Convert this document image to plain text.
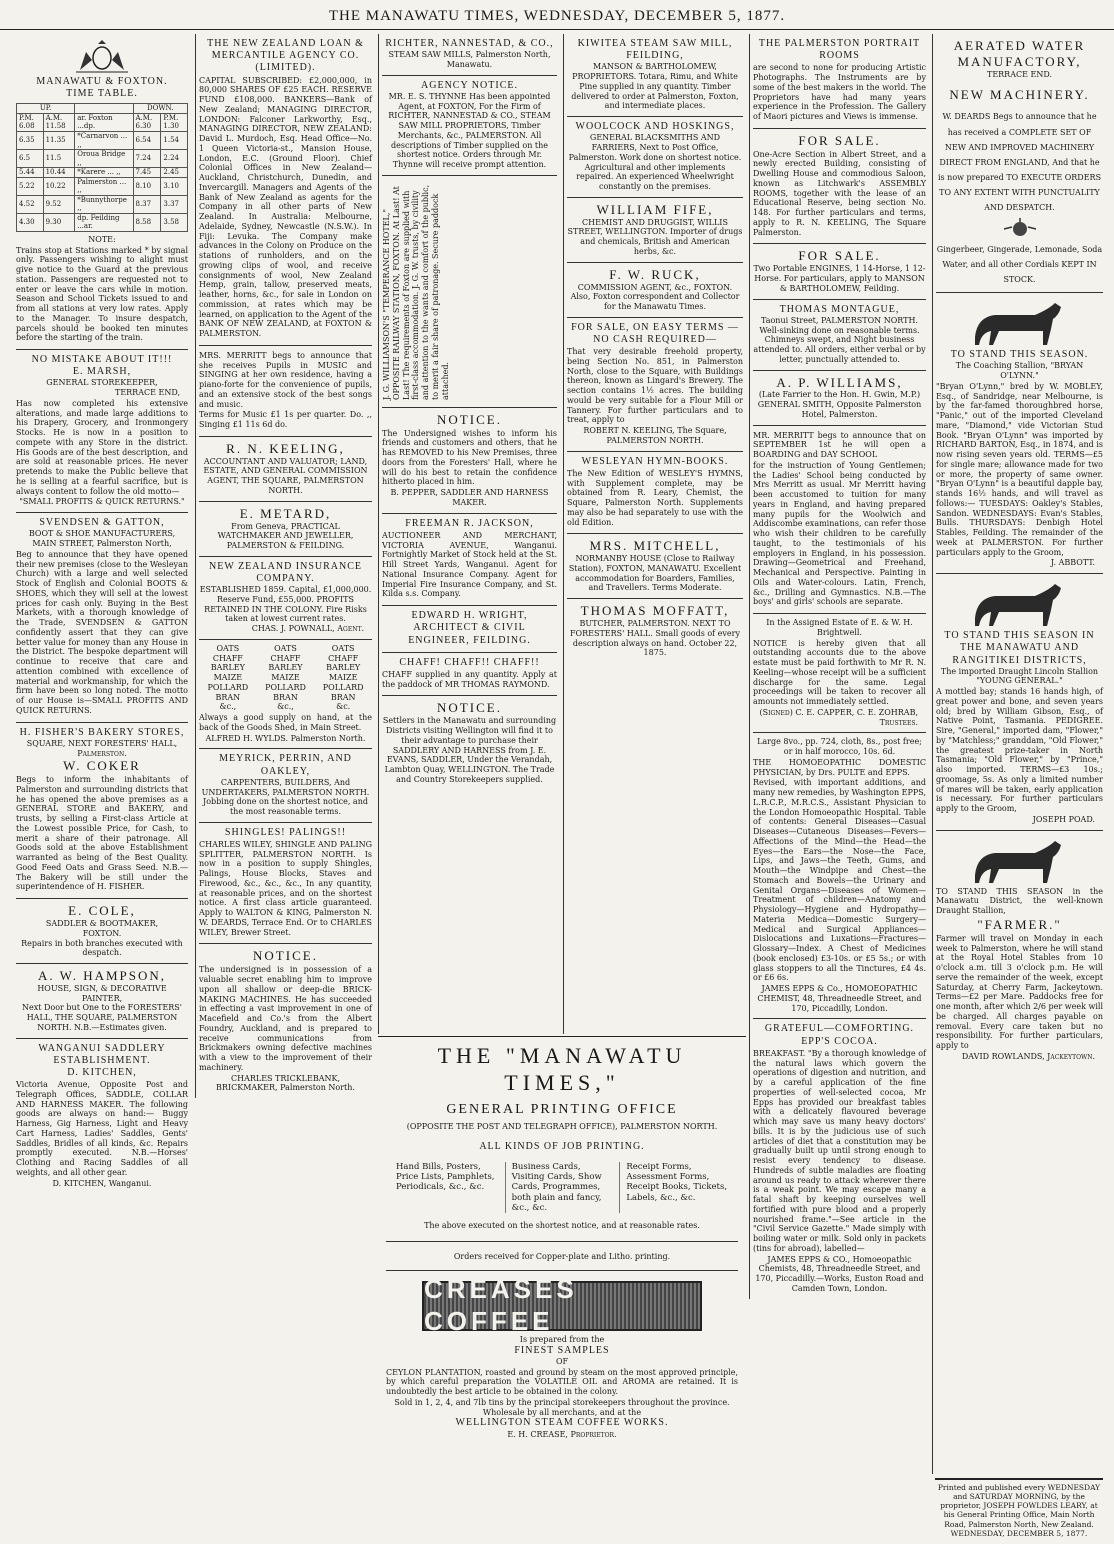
THE MANAWATU TIMES, WEDNESDAY, DECEMBER 5, 1877.
MANAWATU & FOXTON.
TIME TABLE.
UP.			DOWN.	
P.M. 6.08	A.M. 11.58	ar. Foxton ...dp.	A.M. 6.30	P.M. 1.30
6.35	11.35	*Carnarvon ... ,,	6.54	1.54
6.5	11.5	Oroua Bridge ,,	7.24	2.24
5.44	10.44	*Karere ... ,,	7.45	2.45
5.22	10.22	Palmerston ... ,,	8.10	3.10
4.52	9.52	*Bunnythorpe ,,	8.37	3.37
4.30	9.30	dp. Feilding ...ar.	8.58	3.58
NOTE:

Trains stop at Stations marked * by signal only. Passengers wishing to alight must give notice to the Guard at the previous station. Passengers are requested not to enter or leave the cars while in motion. Season and School Tickets issued to and from all stations at very low rates. Apply to the Manager. To insure despatch, parcels should be booked ten minutes before the starting of the train.

NO MISTAKE ABOUT IT!!!
E. MARSH,
GENERAL STOREKEEPER,
TERRACE END,

Has now completed his extensive alterations, and made large additions to his Drapery, Grocery, and Ironmongery Stocks. He is now in a position to compete with any Store in the district. His Goods are of the best description, and are sold at reasonable prices. He never pretends to make the Public believe that he is selling at a fearful sacrifice, but is always content to follow the old motto—

"SMALL PROFITS & QUICK RETURNS."
SVENDSEN & GATTON,
BOOT & SHOE MANUFACTURERS,
MAIN STREET, Palmerston North,

Beg to announce that they have opened their new premises (close to the Wesleyan Church) with a large and well selected Stock of English and Colonial BOOTS & SHOES, which they will sell at the lowest prices for cash only. Buying in the Best Markets, with a thorough knowledge of the Trade, SVENDSEN & GATTON confidently assert that they can give better value for money than any House in the District. The bespoke department will continue to receive that care and attention combined with excellence of material and workmanship, for which the firm have been so long noted. The motto of our House is—SMALL PROFITS AND QUICK RETURNS.

H. FISHER'S BAKERY STORES,
SQUARE, NEXT FORESTERS' HALL, Palmerston.
W. COKER

Begs to inform the inhabitants of Palmerston and surrounding districts that he has opened the above premises as a GENERAL STORE and BAKERY, and trusts, by selling a First-class Article at the Lowest possible Price, for Cash, to merit a share of their patronage. All Goods sold at the above Establishment warranted as being of the Best Quality. Good Feed Oats and Grass Seed. N.B.—The Bakery will be still under the superintendence of H. FISHER.

E. COLE,
SADDLER & BOOTMAKER,
FOXTON.
Repairs in both branches executed with despatch.
A. W. HAMPSON,
HOUSE, SIGN, & DECORATIVE PAINTER,
Next Door but One to the FORESTERS' HALL, THE SQUARE, PALMERSTON NORTH. N.B.—Estimates given.
WANGANUI SADDLERY ESTABLISHMENT.
D. KITCHEN,

Victoria Avenue, Opposite Post and Telegraph Offices, SADDLE, COLLAR AND HARNESS MAKER. The following goods are always on hand:— Buggy Harness, Gig Harness, Light and Heavy Cart Harness, Ladies' Saddles, Gents' Saddles, Bridles of all kinds, &c. Repairs promptly executed. N.B.—Horses' Clothing and Racing Saddles of all weights, and all other gear.

D. KITCHEN, Wanganui.
THE NEW ZEALAND LOAN & MERCANTILE AGENCY CO. (LIMITED).

CAPITAL SUBSCRIBED: £2,000,000, in 80,000 SHARES OF £25 EACH. RESERVE FUND £108,000. BANKERS—Bank of New Zealand; MANAGING DIRECTOR, LONDON: Falconer Larkworthy, Esq., MANAGING DIRECTOR, NEW ZEALAND: David L. Murdoch, Esq. Head Office—No. 1 Queen Victoria-st., Mansion House, London, E.C. (Ground Floor). Chief Colonial Offices in New Zealand—Auckland, Christchurch, Dunedin, and Invercargill. Managers and Agents of the Bank of New Zealand as agents for the Company in all other parts of New Zealand. In Australia: Melbourne, Adelaide, Sydney, Newcastle (N.S.W.). In Fiji: Levuka. The Company make advances in the Colony on Produce on the stations of runholders, and on the growing clips of wool, and receive consignments of wool, New Zealand Hemp, grain, tallow, preserved meats, leather, horns, &c., for sale in London on commission, at rates which may be learned, on application to the Agent of the BANK OF NEW ZEALAND, at FOXTON & PALMERSTON.

MRS. MERRITT begs to announce that she receives Pupils in MUSIC and SINGING at her own residence, having a piano-forte for the convenience of pupils, and an extensive stock of the best songs and music.

Terms for Music £1 1s per quarter. Do. ,, Singing £1 11s 6d do.

R. N. KEELING,
ACCOUNTANT AND VALUATOR; LAND, ESTATE, AND GENERAL COMMISSION AGENT, THE SQUARE, PALMERSTON NORTH.
E. METARD,
From Geneva, PRACTICAL WATCHMAKER AND JEWELLER, PALMERSTON & FEILDING.
NEW ZEALAND INSURANCE COMPANY.
ESTABLISHED 1859. Capital, £1,000,000. Reserve Fund, £55,000. PROFITS RETAINED IN THE COLONY. Fire Risks taken at lowest current rates.
CHAS. J. POWNALL, Agent.
OATS	OATS	OATS
CHAFF	CHAFF	CHAFF
BARLEY	BARLEY	BARLEY
MAIZE	MAIZE	MAIZE
POLLARD	POLLARD	POLLARD
BRAN	BRAN	BRAN
&c.,	&c.,	&c.

Always a good supply on hand, at the back of the Goods Shed, in Main Street.

ALFRED H. WYLDS. Palmerston North.
MEYRICK, PERRIN, AND OAKLEY,
CARPENTERS, BUILDERS, And UNDERTAKERS, PALMERSTON NORTH. Jobbing done on the shortest notice, and the most reasonable terms.
SHINGLES! PALINGS!!

CHARLES WILEY, SHINGLE AND PALING SPLITTER, PALMERSTON NORTH. Is now in a position to supply Shingles, Palings, House Blocks, Staves and Firewood, &c., &c., &c., In any quantity, at reasonable prices, and on the shortest notice. A first class article guaranteed. Apply to WALTON & KING, Palmerston N. W. DEARDS, Terrace End. Or to CHARLES WILEY, Brewer Street.

NOTICE.

The undersigned is in possession of a valuable secret enabling him to improve upon all shallow or deep-die BRICK-MAKING MACHINES. He has succeeded in effecting a vast improvement in one of Macefield and Co.'s from the Albert Foundry, Auckland, and is prepared to receive communications from Brickmakers owning defective machines with a view to the improvement of their machinery.

CHARLES TRICKLEBANK, BRICKMAKER, Palmerston North.
RICHTER, NANNESTAD, & CO.,
STEAM SAW MILLS, Palmerston North, Manawatu.
AGENCY NOTICE.
MR. E. S. THYNNE Has been appointed Agent, at FOXTON, For the Firm of RICHTER, NANNESTAD & CO., STEAM SAW MILL PROPRIETORS, Timber Merchants, &c., PALMERSTON. All descriptions of Timber supplied on the shortest notice. Orders through Mr. Thynne will receive prompt attention.
J. G. WILLIAMSON'S "TEMPERANCE HOTEL," OPPOSITE RAILWAY STATION, FOXTON. At Last! At Last! The requirements of Foxton are supplied with first-class accommodation. J. G. W. trusts, by civility and attention to the wants and comfort of the public, to merit a fair share of patronage. Secure paddock attached.
NOTICE.

The Undersigned wishes to inform his friends and customers and others, that he has REMOVED to his New Premises, three doors from the Foresters' Hall, where he will do his best to retain the confidence hitherto placed in him.

B. PEPPER, SADDLER AND HARNESS MAKER.
FREEMAN R. JACKSON,

AUCTIONEER AND MERCHANT, VICTORIA AVENUE, Wanganui. Fortnightly Market of Stock held at the St. Hill Street Yards, Wanganui. Agent for National Insurance Company. Agent for Imperial Fire Insurance Company, and St. Kilda s.s. Company.

EDWARD H. WRIGHT, ARCHITECT & CIVIL ENGINEER, FEILDING.
CHAFF! CHAFF!! CHAFF!!

CHAFF supplied in any quantity. Apply at the paddock of MR THOMAS RAYMOND.

NOTICE.
Settlers in the Manawatu and surrounding Districts visiting Wellington will find it to their advantage to purchase their SADDLERY AND HARNESS from J. E. EVANS, SADDLER, Under the Verandah, Lambton Quay, WELLINGTON. The Trade and Country Storekeepers supplied.
KIWITEA STEAM SAW MILL, FEILDING,
MANSON & BARTHOLOMEW, PROPRIETORS. Totara, Rimu, and White Pine supplied in any quantity. Timber delivered to order at Palmerston, Foxton, and intermediate places.
WOOLCOCK AND HOSKINGS,
GENERAL BLACKSMITHS AND FARRIERS, Next to Post Office, Palmerston. Work done on shortest notice. Agricultural and other implements repaired. An experienced Wheelwright constantly on the premises.
WILLIAM FIFE,
CHEMIST AND DRUGGIST, WILLIS STREET, WELLINGTON. Importer of drugs and chemicals, British and American herbs, &c.
F. W. RUCK,
COMMISSION AGENT, &c., FOXTON. Also, Foxton correspondent and Collector for the Manawatu Times.
FOR SALE, ON EASY TERMS — NO CASH REQUIRED—

That very desirable freehold property, being Section No. 851, in Palmerston North, close to the Square, with Buildings thereon, known as Lingard's Brewery. The section contains 1½ acres. The building would be very suitable for a Flour Mill or Tannery. For further particulars and to treat, apply to

ROBERT N. KEELING, The Square, PALMERSTON NORTH.
WESLEYAN HYMN-BOOKS.

The New Edition of WESLEY'S HYMNS, with Supplement complete, may be obtained from R. Leary, Chemist, the Square, Palmerston North. Supplements may also be had separately to use with the old Edition.

MRS. MITCHELL,
NORMANBY HOUSE (Close to Railway Station), FOXTON, MANAWATU. Excellent accommodation for Boarders, Families, and Travellers. Terms Moderate.
THOMAS MOFFATT,
BUTCHER, PALMERSTON. NEXT TO FORESTERS' HALL. Small goods of every description always on hand. October 22, 1875.
THE "MANAWATU TIMES,"
GENERAL PRINTING OFFICE
(OPPOSITE THE POST AND TELEGRAPH OFFICE), PALMERSTON NORTH.
ALL KINDS OF JOB PRINTING.
Hand Bills, Posters, Price Lists, Pamphlets, Periodicals, &c., &c.
Business Cards, Visiting Cards, Show Cards, Programmes, both plain and fancy, &c., &c.
Receipt Forms, Assessment Forms, Receipt Books, Tickets, Labels, &c., &c.
The above executed on the shortest notice, and at reasonable rates.
Orders received for Copper-plate and Litho. printing.
CREASES COFFEE
Is prepared from the
FINEST SAMPLES
OF

CEYLON PLANTATION, roasted and ground by steam on the most approved principle, by which careful preparation the VOLATILE OIL and AROMA are retained. It is undoubtedly the best article to be obtained in the colony.

Sold in 1, 2, 4, and 7lb tins by the principal storekeepers throughout the province. Wholesale by all merchants, and at the
WELLINGTON STEAM COFFEE WORKS.
E. H. CREASE, Proprietor.
THE PALMERSTON PORTRAIT ROOMS

are second to none for producing Artistic Photographs. The Instruments are by some of the best makers in the world. The Proprietors have had many years experience in the Profession. The Gallery of Maori pictures and Views is immense.

FOR SALE.

One-Acre Section in Albert Street, and a newly erected Building, consisting of Dwelling House and commodious Saloon, known as Litchwark's ASSEMBLY ROOMS, together with the lease of an Educational Reserve, being section No. 148. For further particulars and terms, apply to R. N. KEELING, The Square Palmerston.

FOR SALE.
Two Portable ENGINES, 1 14-Horse, 1 12-Horse. For particulars, apply to MANSON & BARTHOLOMEW, Feilding.
THOMAS MONTAGUE,
Taonui Street, PALMERSTON NORTH. Well-sinking done on reasonable terms. Chimneys swept, and Night business attended to. All orders, either verbal or by letter, punctually attended to.
A. P. WILLIAMS,
(Late Farrier to the Hon. H. Gwin, M.P.) GENERAL SMITH, Opposite Palmerston Hotel, Palmerston.

MR. MERRITT begs to announce that on SEPTEMBER 1st he will open a BOARDING and DAY SCHOOL

for the instruction of Young Gentlemen; the Ladies' School being conducted by Mrs Merritt as usual. Mr Merritt having been accustomed to tuition for many years in England, and having prepared many pupils for the Woolwich and Addiscombe examinations, can refer those who wish their children to be carefully taught, to the testimonials of his employers in England, in his possession. Drawing—Geometrical and Freehand, Mechanical and Perspective. Painting in Oils and Water-colours. Latin, French, &c., Drilling and Gymnastics. N.B.—The boys' and girls' schools are separate.

In the Assigned Estate of E. & W. H. Brightwell.

NOTICE is hereby given that all outstanding accounts due to the above estate must be paid forthwith to Mr R. N. Keeling—whose receipt will be a sufficient discharge for the same. Legal proceedings will be taken to recover all amounts not immediately settled.

(Signed) C. E. CAPPER, C. E. ZOHRAB, Trustees.
Large 8vo., pp. 724, cloth, 8s., post free; or in half morocco, 10s. 6d.

THE HOMOEOPATHIC DOMESTIC PHYSICIAN, by Drs. PULTE and EPPS.

Revised, with important additions, and many new remedies, by Washington EPPS, L.R.C.P., M.R.C.S., Assistant Physician to the London Homoeopathic Hospital. Table of contents: General Diseases—Casual Diseases—Cutaneous Diseases—Fevers—Affections of the Mind—the Head—the Eyes—the Ears—the Nose—the Face, Lips, and Jaws—the Teeth, Gums, and Mouth—the Windpipe and Chest—the Stomach and Bowels—the Urinary and Genital Organs—Diseases of Women—Treatment of children—Anatomy and Physiology—Hygiene and Hydropathy—Materia Medica—Domestic Surgery—Medical and Surgical Appliances—Dislocations and Luxations—Fractures—Glossary—Index. A Chest of Medicines (book enclosed) £3-10s. or £5 5s.; or with glass stoppers to all the Tinctures, £4 4s. or £6 6s.

JAMES EPPS & Co., HOMOEOPATHIC CHEMIST, 48, Threadneedle Street, and 170, Piccadilly, London.
GRATEFUL—COMFORTING.
EPP'S COCOA.

BREAKFAST. "By a thorough knowledge of the natural laws which govern the operations of digestion and nutrition, and by a careful application of the fine properties of well-selected cocoa, Mr Epps has provided our breakfast tables with a delicately flavoured beverage which may save us many heavy doctors' bills. It is by the judicious use of such articles of diet that a constitution may be gradually built up until strong enough to resist every tendency to disease. Hundreds of subtle maladies are floating around us ready to attack wherever there is a weak point. We may escape many a fatal shaft by keeping ourselves well fortified with pure blood and a properly nourished frame."—See article in the "Civil Service Gazette." Made simply with boiling water or milk. Sold only in packets (tins for abroad), labelled—

JAMES EPPS & CO., Homoeopathic Chemists, 48, Threadneedle Street, and 170, Piccadilly.—Works, Euston Road and Camden Town, London.
AERATED WATER MANUFACTORY,
TERRACE END.
NEW MACHINERY.
W. DEARDS Begs to announce that he has received a COMPLETE SET OF NEW AND IMPROVED MACHINERY DIRECT FROM ENGLAND, And that he is now prepared TO EXECUTE ORDERS TO ANY EXTENT WITH PUNCTUALITY AND DESPATCH.
Gingerbeer, Gingerade, Lemonade, Soda Water, and all other Cordials KEPT IN STOCK.
TO STAND THIS SEASON.
The Coaching Stallion, "BRYAN O'LYNN."

"Bryan O'Lynn," bred by W. MOBLEY, Esq., of Sandridge, near Melbourne, is by the far-famed thoroughbred horse, "Panic," out of the imported Cleveland mare, "Diamond," vide Victorian Stud Book. "Bryan O'Lynn" was imported by RICHARD BARTON, Esq., in 1874, and is now rising seven years old. TERMS—£5 for single mare; allowance made for two or more, the property of same owner. "Bryan O'Lynn" is a beautiful dapple bay, stands 16½ hands, and will travel as follows:— TUESDAYS: Oakley's Stables, Sandon. WEDNESDAYS: Evan's Stables, Bulls. THURSDAYS: Denbigh Hotel Stables, Feilding. The remainder of the week at PALMERSTON. For further particulars apply to the Groom,

J. ABBOTT.
TO STAND THIS SEASON IN THE MANAWATU AND RANGITIKEI DISTRICTS,
The imported Draught Lincoln Stallion "YOUNG GENERAL."

A mottled bay; stands 16 hands high, of great power and bone, and seven years old; bred by William Gibson, Esq., of Native Point, Tasmania. PEDIGREE. Sire, "General," imported dam, "Flower," by "Matchless;" granddam, "Old Flower," the greatest prize-taker in North Tasmania; "Old Flower," by "Prince," also imported. TERMS—£3 10s.; groomage, 5s. As only a limited number of mares will be taken, early application is necessary. For further particulars apply to the Groom,

JOSEPH POAD.

TO STAND THIS SEASON in the Manawatu District, the well-known Draught Stallion,

"FARMER."

Farmer will travel on Monday in each week to Palmerston, where he will stand at the Royal Hotel Stables from 10 o'clock a.m. till 3 o'clock p.m. He will serve the remainder of the week, except Saturday, at Cherry Farm, Jackeytown. Terms—£2 per Mare. Paddocks free for one month, after which 2/6 per week will be charged. All charges payable on removal. Every care taken but no responsibility. For further particulars, apply to

DAVID ROWLANDS, Jackeytown.
Printed and published every WEDNESDAY and SATURDAY MORNING, by the proprietor, JOSEPH FOWLDES LEARY, at his General Printing Office, Main North Road, Palmerston North, New Zealand. WEDNESDAY, DECEMBER 5, 1877.
